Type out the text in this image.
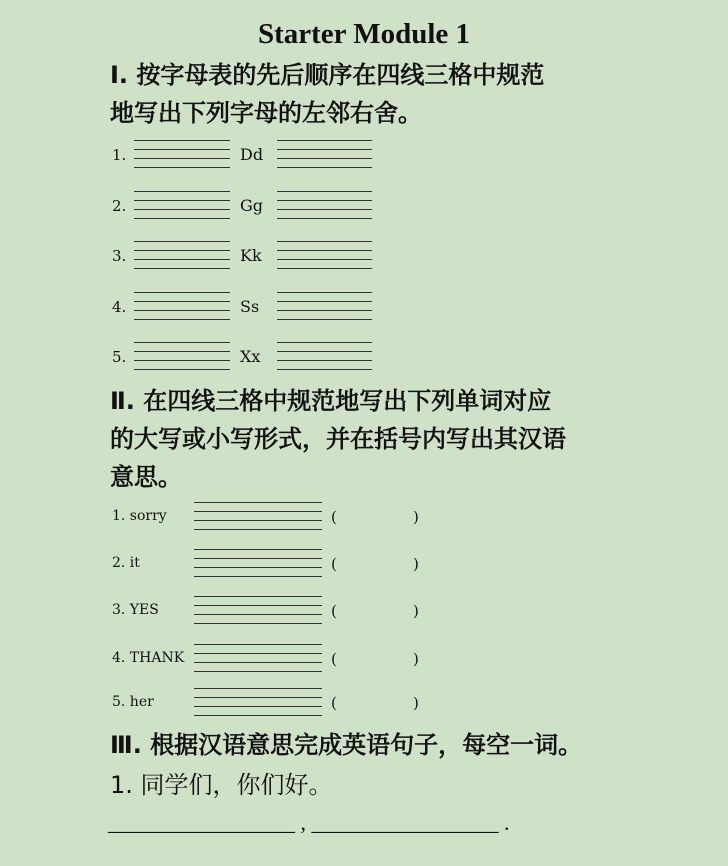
Starter Module 1
Ⅰ. 按字母表的先后顺序在四线三格中规范
地写出下列字母的左邻右舍。
1.	Dd
2.	Gg
3.	Kk
4.	Ss
5.	Xx
Ⅱ. 在四线三格中规范地写出下列单词对应
的大写或小写形式，并在括号内写出其汉语
意思。
1. sorry	(	)
2. it	(	)
3. YES	(	)
4. THANK	(	)
5. her	(	)
Ⅲ. 根据汉语意思完成英语句子，每空一词。
1. 同学们，你们好。
_________________ , _________________ .
